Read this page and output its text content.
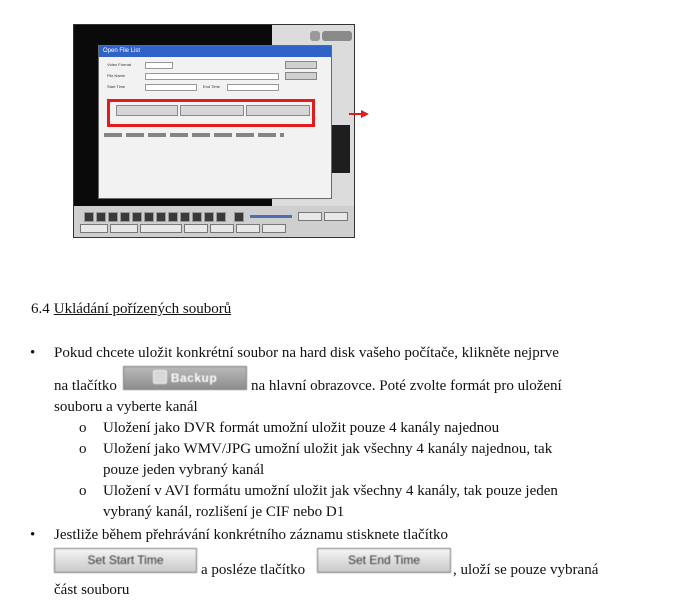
Open File List
Video Format
File Name
Start Time	End Time
6.4 Ukládání pořízených souborů
• Pokud chcete uložit konkrétní soubor na hard disk vašeho počítače, klikněte nejprve
na tlačítko	Backup	na hlavní obrazovce. Poté zvolte formát pro uložení
souboru a vyberte kanál
o Uložení jako DVR formát umožní uložit pouze 4 kanály najednou
o Uložení jako WMV/JPG umožní uložit jak všechny 4 kanály najednou, tak
pouze jeden vybraný kanál
o Uložení v AVI formátu umožní uložit jak všechny 4 kanály, tak pouze jeden
vybraný kanál, rozlišení je CIF nebo D1
• Jestliže během přehrávání konkrétního záznamu stisknete tlačítko
Set Start Time
a posléze tlačítko
Set End Time
, uloží se pouze vybraná
část souboru
